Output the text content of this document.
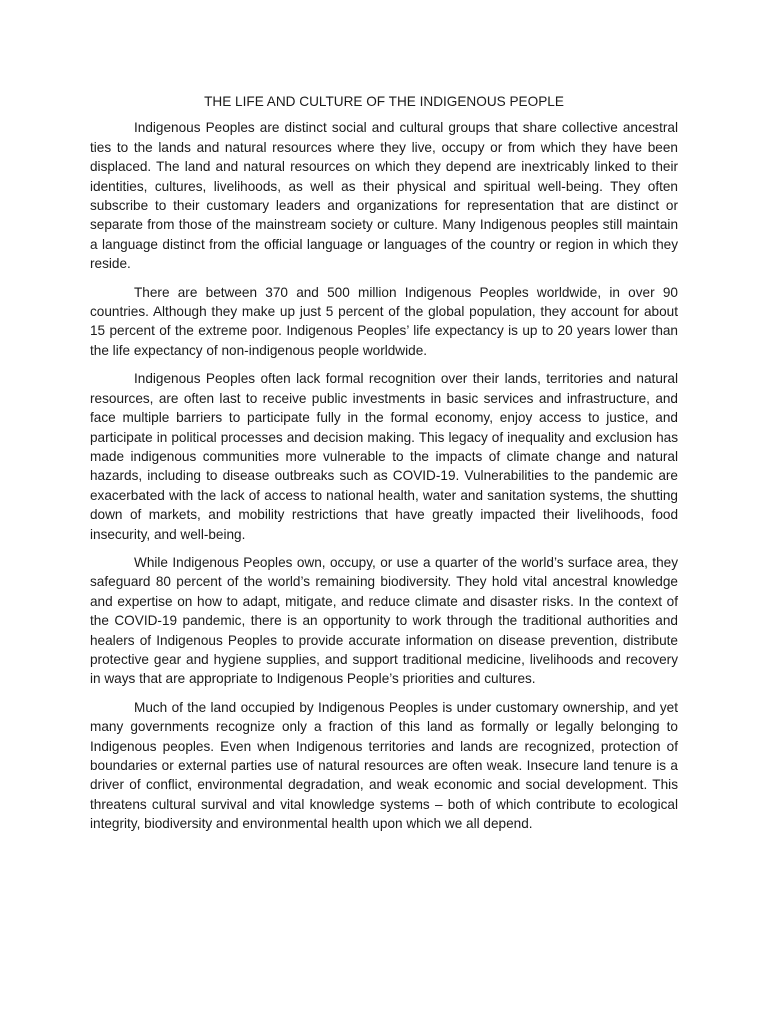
THE LIFE AND CULTURE OF THE INDIGENOUS PEOPLE

Indigenous Peoples are distinct social and cultural groups that share collective ancestral ties to the lands and natural resources where they live, occupy or from which they have been displaced. The land and natural resources on which they depend are inextricably linked to their identities, cultures, livelihoods, as well as their physical and spiritual well-being. They often subscribe to their customary leaders and organizations for representation that are distinct or separate from those of the mainstream society or culture. Many Indigenous peoples still maintain a language distinct from the official language or languages of the country or region in which they reside.

There are between 370 and 500 million Indigenous Peoples worldwide, in over 90 countries. Although they make up just 5 percent of the global population, they account for about 15 percent of the extreme poor. Indigenous Peoples’ life expectancy is up to 20 years lower than the life expectancy of non-indigenous people worldwide.

Indigenous Peoples often lack formal recognition over their lands, territories and natural resources, are often last to receive public investments in basic services and infrastructure, and face multiple barriers to participate fully in the formal economy, enjoy access to justice, and participate in political processes and decision making. This legacy of inequality and exclusion has made indigenous communities more vulnerable to the impacts of climate change and natural hazards, including to disease outbreaks such as COVID-19. Vulnerabilities to the pandemic are exacerbated with the lack of access to national health, water and sanitation systems, the shutting down of markets, and mobility restrictions that have greatly impacted their livelihoods, food insecurity, and well-being.

While Indigenous Peoples own, occupy, or use a quarter of the world’s surface area, they safeguard 80 percent of the world’s remaining biodiversity. They hold vital ancestral knowledge and expertise on how to adapt, mitigate, and reduce climate and disaster risks. In the context of the COVID-19 pandemic, there is an opportunity to work through the traditional authorities and healers of Indigenous Peoples to provide accurate information on disease prevention, distribute protective gear and hygiene supplies, and support traditional medicine, livelihoods and recovery in ways that are appropriate to Indigenous People’s priorities and cultures.

Much of the land occupied by Indigenous Peoples is under customary ownership, and yet many governments recognize only a fraction of this land as formally or legally belonging to Indigenous peoples. Even when Indigenous territories and lands are recognized, protection of boundaries or external parties use of natural resources are often weak. Insecure land tenure is a driver of conflict, environmental degradation, and weak economic and social development. This threatens cultural survival and vital knowledge systems – both of which contribute to ecological integrity, biodiversity and environmental health upon which we all depend.
